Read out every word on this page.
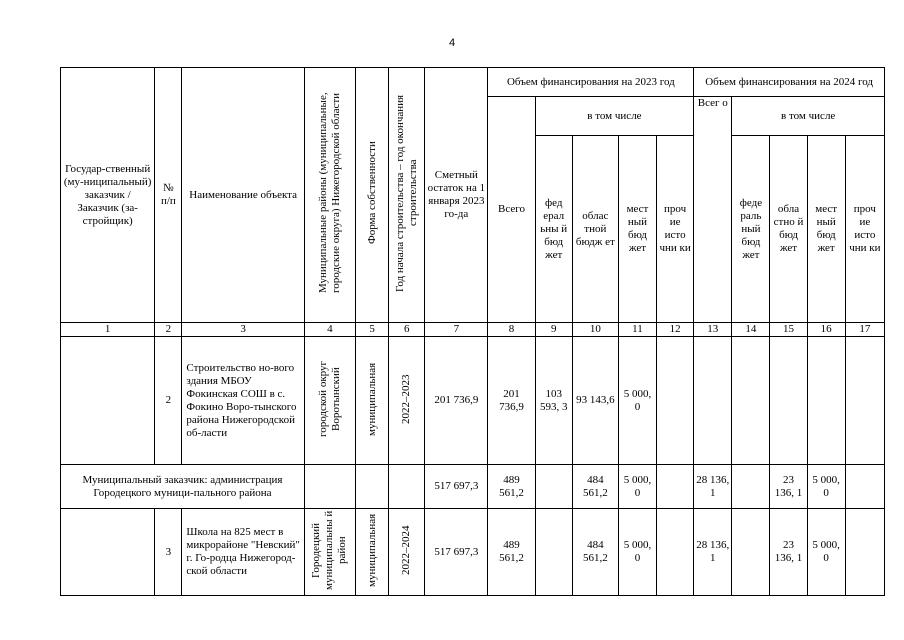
4
Государ-ственный (му-ниципальный) заказчик / Заказчик (за-стройщик)	№ п/п	Наименование объекта	Муниципальные районы (муниципальные, городские округа) Нижегородской области	Форма собственности	Год начала строительства – год окончания строительства	Сметный остаток на 1 января 2023 го-да	Объем финансирования на 2023 год					Объем финансирования на 2024 год				
							Всего	в том числе				Всег о	в том числе			
								фед ерал ьны й бюд жет	облас тной бюдж ет	мест ный бюд жет	проч ие исто чни ки		феде раль ный бюд жет	обла стно й бюд жет	мест ный бюд жет	проч ие исто чни ки
1	2	3	4	5	6	7	8	9	10	11	12	13	14	15	16	17
	2	Строительство но-вого здания МБОУ Фокинская СОШ в с. Фокино Воро-тынского района Нижегородской об-ласти	городской округ Воротынский	муниципальная	2022–2023	201 736,9	201 736,9	103 593, 3	93 143,6	5 000, 0						
Муниципальный заказчик: администрация Городецкого муници-пального района						517 697,3	489 561,2		484 561,2	5 000, 0		28 136, 1		23 136, 1	5 000, 0	
	3	Школа на 825 мест в микрорайоне "Невский" г. Го-родца Нижегород-ской области	Городецкий муниципальны й район	муниципальная	2022–2024	517 697,3	489 561,2		484 561,2	5 000, 0		28 136, 1		23 136, 1	5 000, 0	
